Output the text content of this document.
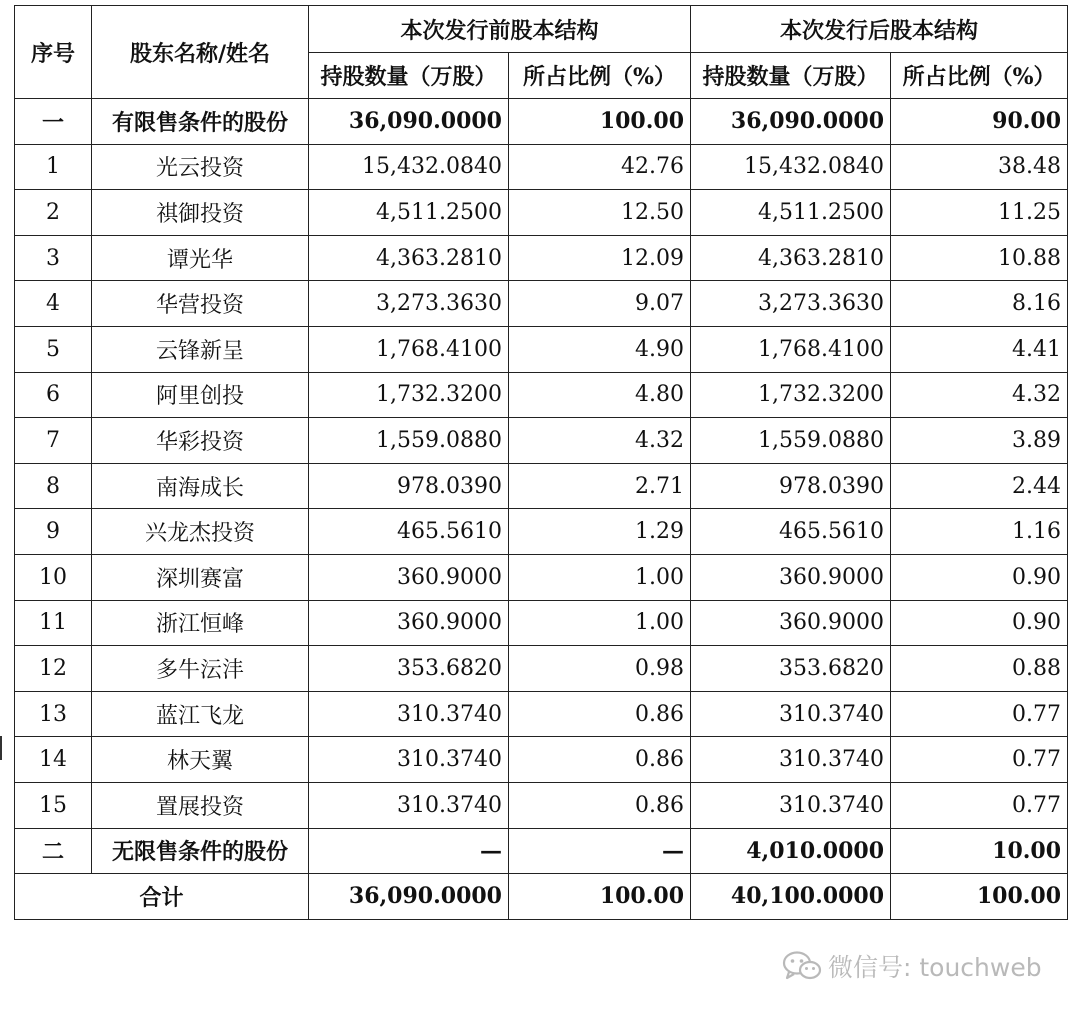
序号	股东名称/姓名	本次发行前股本结构		本次发行后股本结构	
		持股数量（万股）	所占比例（%）	持股数量（万股）	所占比例（%）
一	有限售条件的股份	36,090.0000	100.00	36,090.0000	90.00
1	光云投资	15,432.0840	42.76	15,432.0840	38.48
2	祺御投资	4,511.2500	12.50	4,511.2500	11.25
3	谭光华	4,363.2810	12.09	4,363.2810	10.88
4	华营投资	3,273.3630	9.07	3,273.3630	8.16
5	云锋新呈	1,768.4100	4.90	1,768.4100	4.41
6	阿里创投	1,732.3200	4.80	1,732.3200	4.32
7	华彩投资	1,559.0880	4.32	1,559.0880	3.89
8	南海成长	978.0390	2.71	978.0390	2.44
9	兴龙杰投资	465.5610	1.29	465.5610	1.16
10	深圳赛富	360.9000	1.00	360.9000	0.90
11	浙江恒峰	360.9000	1.00	360.9000	0.90
12	多牛沄沣	353.6820	0.98	353.6820	0.88
13	蓝江飞龙	310.3740	0.86	310.3740	0.77
14	林天翼	310.3740	0.86	310.3740	0.77
15	置展投资	310.3740	0.86	310.3740	0.77
二	无限售条件的股份	—	—	4,010.0000	10.00
合计		36,090.0000	100.00	40,100.0000	100.00
微信号: touchweb
